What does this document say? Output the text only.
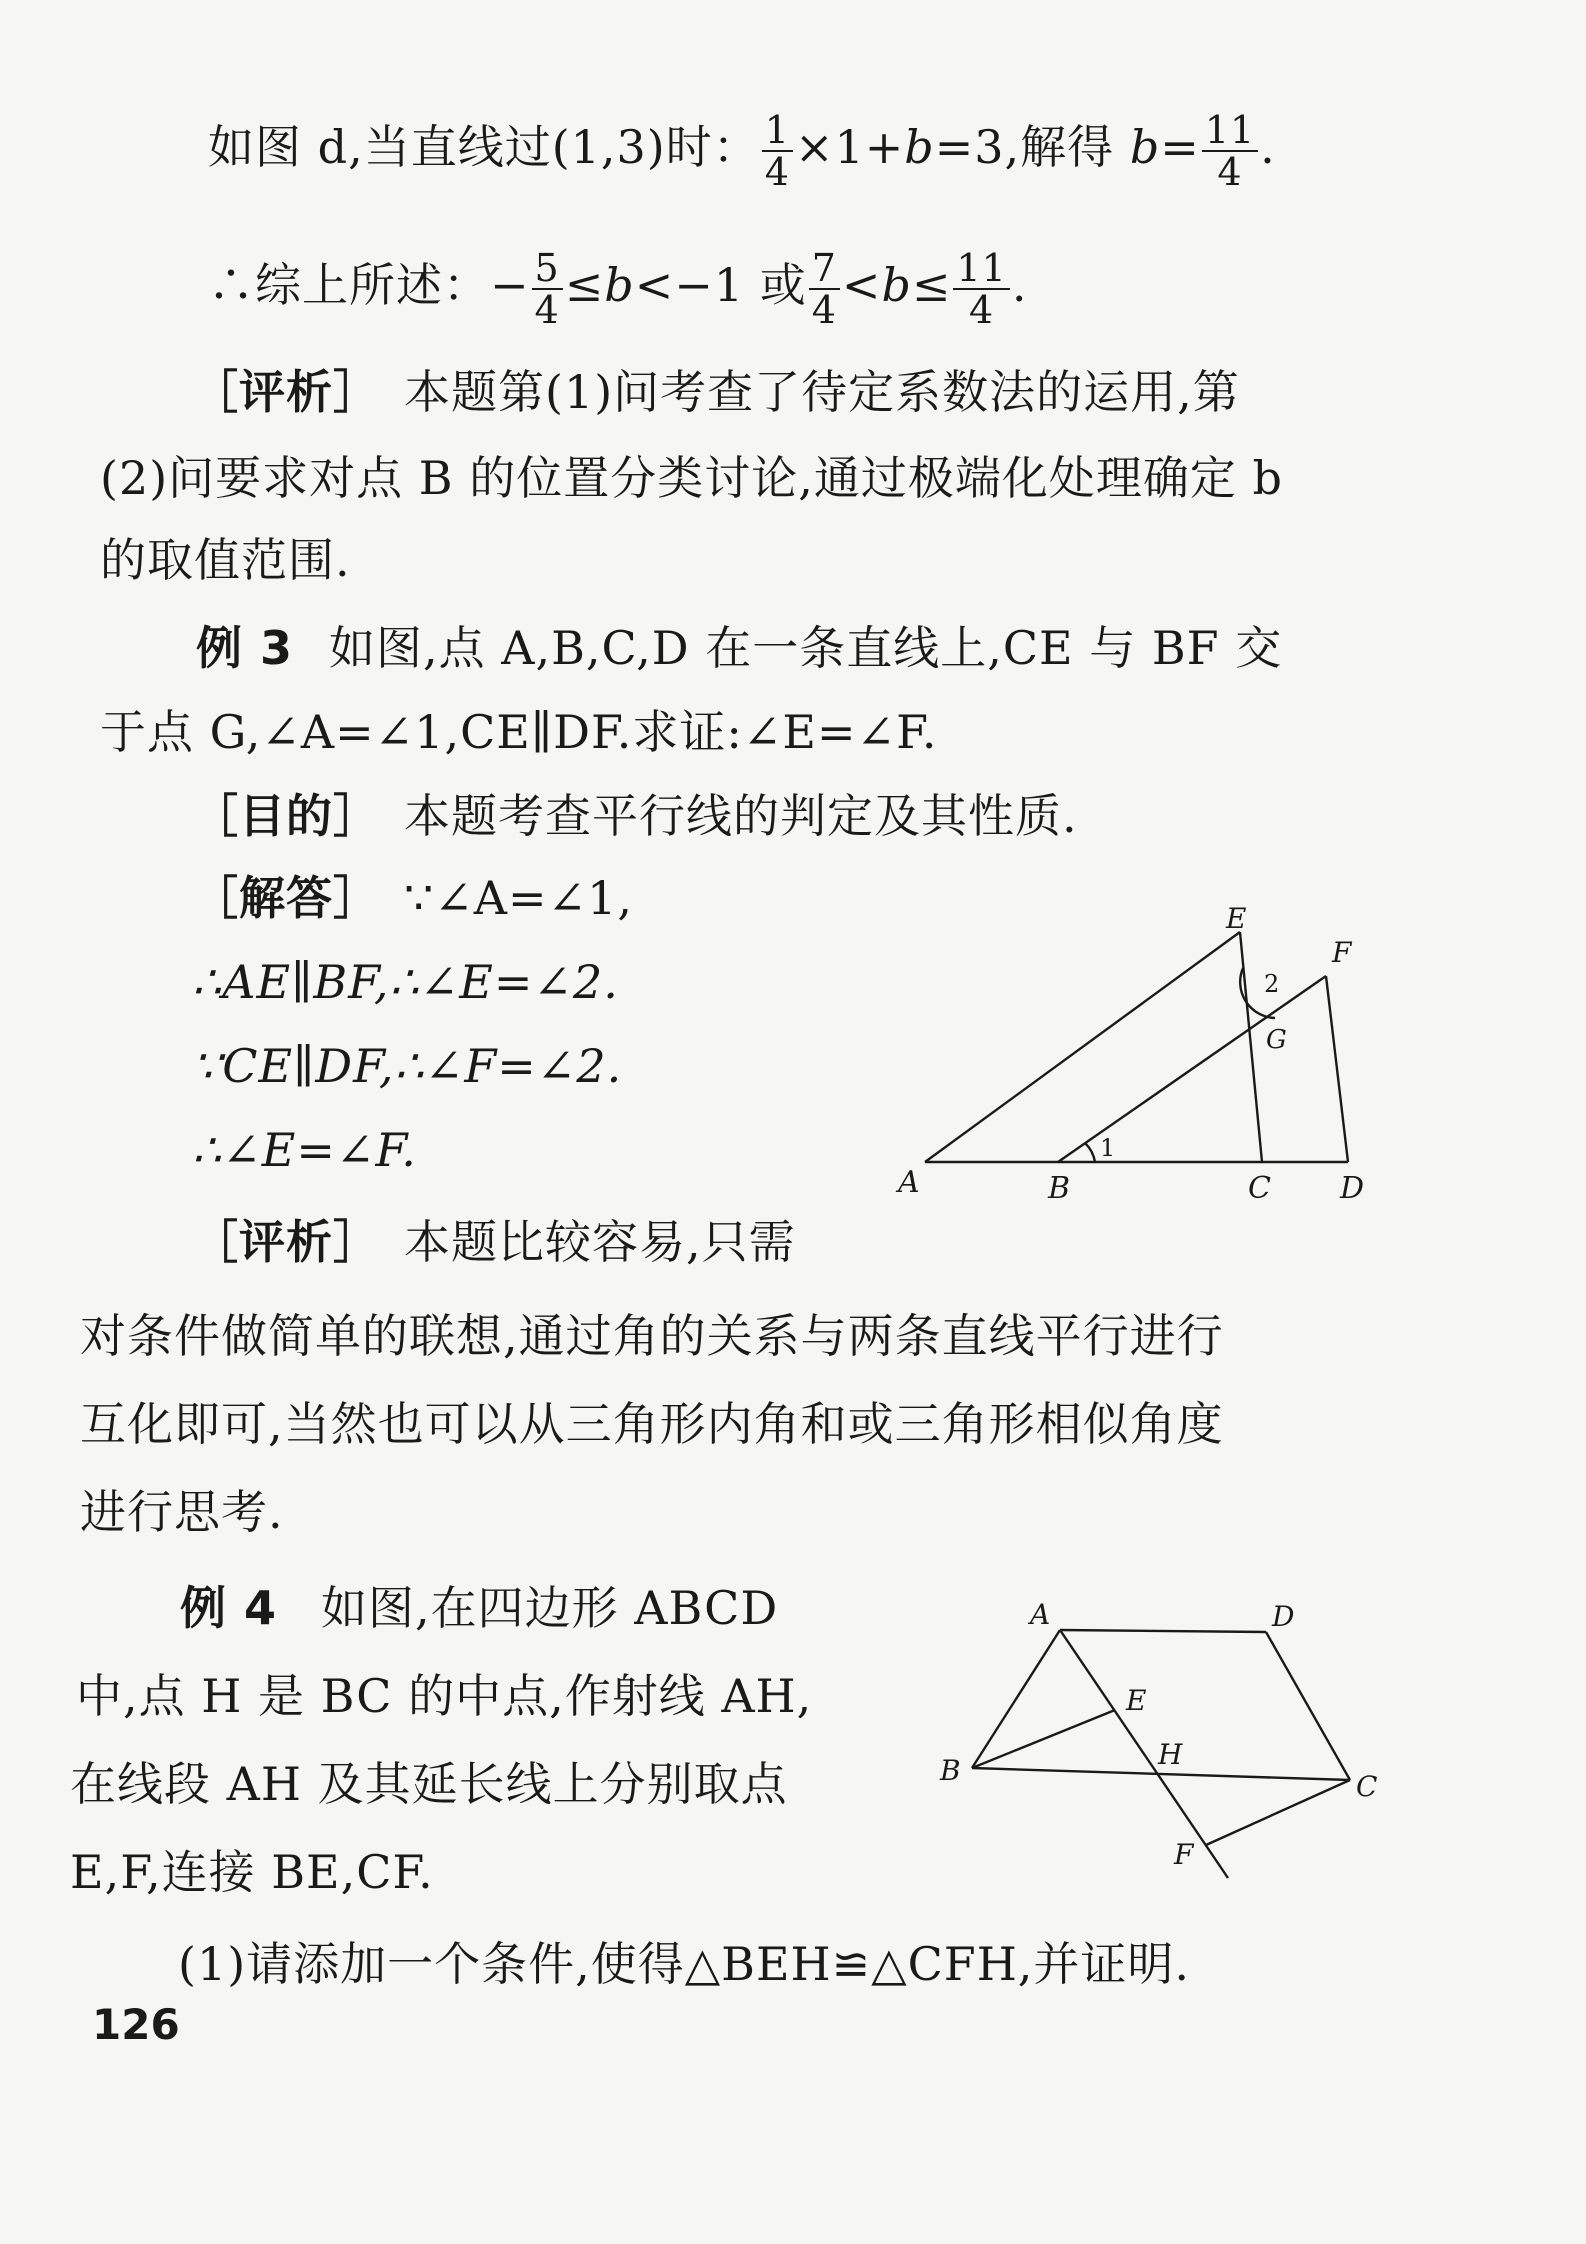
如图 d,当直线过(1,3)时： $\frac{1}{4} \times 1+b=3$,解得 $b= \frac{11}{4}$ .
∴综上所述：− $\frac{5}{4} \le b<-1$ 或 $\frac{7}{4} <b\le \frac{11}{4}$ .
［评析］ 本题第(1)问考查了待定系数法的运用,第
(2)问要求对点 B 的位置分类讨论,通过极端化处理确定 b
的取值范围.
例 3 如图,点 A,B,C,D 在一条直线上,CE 与 BF 交
于点 G,∠A=∠1,CE∥DF.求证:∠E=∠F.
［目的］ 本题考查平行线的判定及其性质.
［解答］ ∵∠A=∠1,
∴AE∥BF,∴∠E=∠2.
∵CE∥DF,∴∠F=∠2.
∴∠E=∠F.
A	B	C D
E
F
G
1
2
［评析］ 本题比较容易,只需
对条件做简单的联想,通过角的关系与两条直线平行进行
互化即可,当然也可以从三角形内角和或三角形相似角度
进行思考.
例 4 如图,在四边形 ABCD
中,点 H 是 BC 的中点,作射线 AH,
在线段 AH 及其延长线上分别取点
E,F,连接 BE,CF.
(1)请添加一个条件,使得△BEH≌△CFH,并证明.
A	D
B	C
E
H
F
126
